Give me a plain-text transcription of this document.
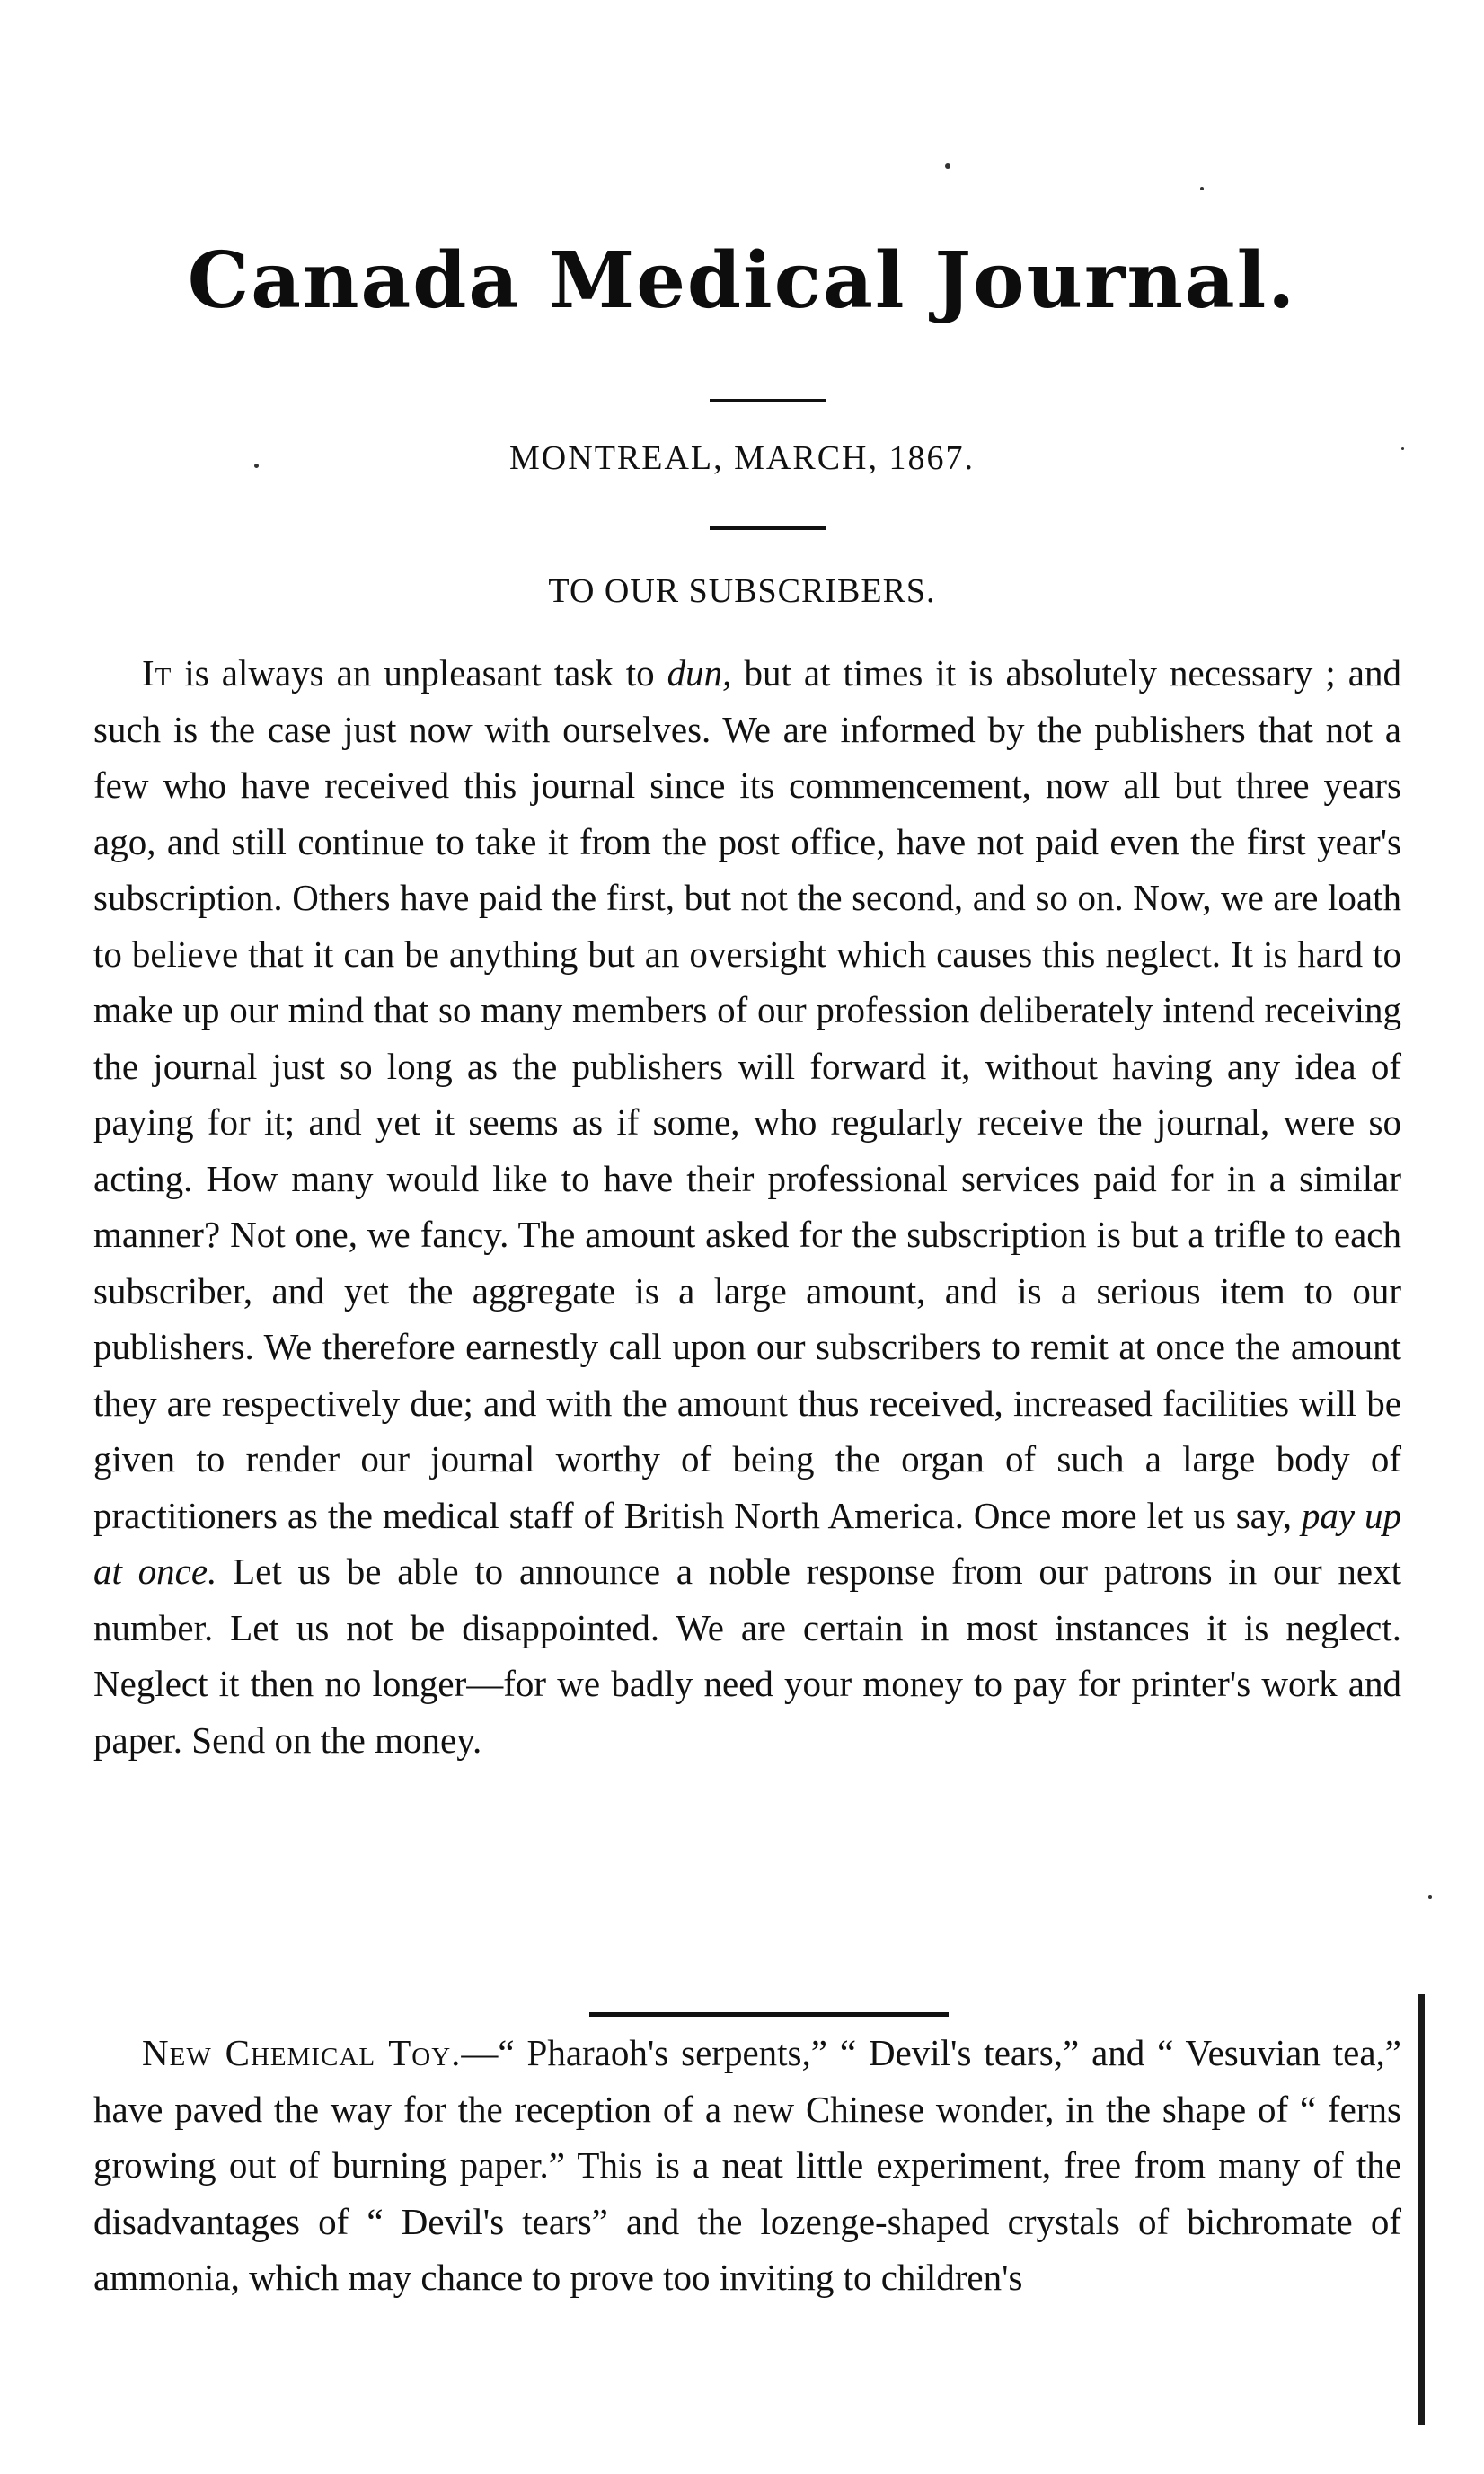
Canada Medical Journal.
MONTREAL, MARCH, 1867.
TO OUR SUBSCRIBERS.

It is always an unpleasant task to dun, but at times it is absolutely necessary ; and such is the case just now with ourselves. We are informed by the publishers that not a few who have received this journal since its commencement, now all but three years ago, and still continue to take it from the post office, have not paid even the first year's subscription. Others have paid the first, but not the second, and so on. Now, we are loath to believe that it can be anything but an oversight which causes this neglect. It is hard to make up our mind that so many members of our profession deliberately intend receiving the journal just so long as the publishers will forward it, without having any idea of paying for it; and yet it seems as if some, who regularly receive the journal, were so acting. How many would like to have their professional services paid for in a similar manner? Not one, we fancy. The amount asked for the subscription is but a trifle to each subscriber, and yet the aggregate is a large amount, and is a serious item to our publishers. We therefore earnestly call upon our subscribers to remit at once the amount they are respectively due; and with the amount thus received, increased facilities will be given to render our journal worthy of being the organ of such a large body of practitioners as the medical staff of British North America. Once more let us say, pay up at once. Let us be able to announce a noble response from our patrons in our next number. Let us not be disappointed. We are certain in most instances it is neglect. Neglect it then no longer—for we badly need your money to pay for printer's work and paper. Send on the money.

New Chemical Toy.—“ Pharaoh's serpents,” “ Devil's tears,” and “ Vesuvian tea,” have paved the way for the reception of a new Chinese wonder, in the shape of “ ferns growing out of burning paper.” This is a neat little experiment, free from many of the disadvantages of “ Devil's tears” and the lozenge-shaped crystals of bichromate of ammonia, which may chance to prove too inviting to children's
